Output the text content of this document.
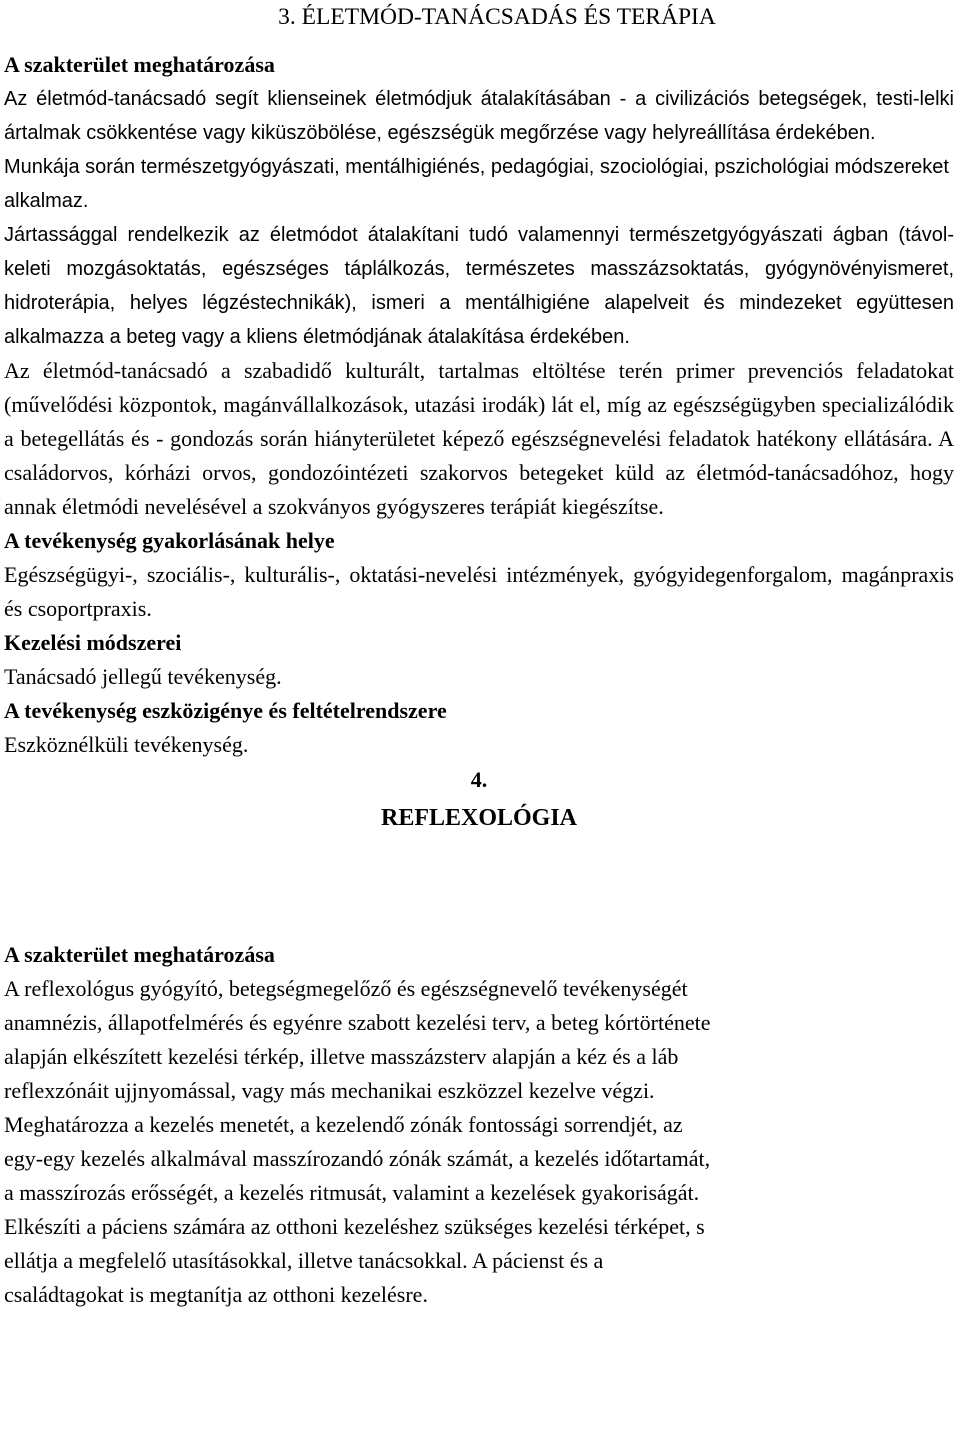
3. ÉLETMÓD-TANÁCSADÁS ÉS TERÁPIA
A szakterület meghatározása

Az életmód-tanácsadó segít klienseinek életmódjuk átalakításában - a civilizációs betegségek, testi-lelki ártalmak csökkentése vagy kiküszöbölése, egészségük megőrzése vagy helyreállítása érdekében.

Munkája során természetgyógyászati, mentálhigiénés, pedagógiai, szociológiai, pszichológiai módszereket alkalmaz.

Jártassággal rendelkezik az életmódot átalakítani tudó valamennyi természetgyógyászati ágban (távol-keleti mozgásoktatás, egészséges táplálkozás, természetes masszázsoktatás, gyógynövényismeret, hidroterápia, helyes légzéstechnikák), ismeri a mentálhigiéne alapelveit és mindezeket együttesen alkalmazza a beteg vagy a kliens életmódjának átalakítása érdekében.

Az életmód-tanácsadó a szabadidő kulturált, tartalmas eltöltése terén primer prevenciós feladatokat (művelődési központok, magánvállalkozások, utazási irodák) lát el, míg az egészségügyben specializálódik a betegellátás és - gondozás során hiányterületet képező egészségnevelési feladatok hatékony ellátására. A családorvos, kórházi orvos, gondozóintézeti szakorvos betegeket küld az életmód-tanácsadóhoz, hogy annak életmódi nevelésével a szokványos gyógyszeres terápiát kiegészítse.

A tevékenység gyakorlásának helye

Egészségügyi-, szociális-, kulturális-, oktatási-nevelési intézmények, gyógyidegenforgalom, magánpraxis és csoportpraxis.

Kezelési módszerei

Tanácsadó jellegű tevékenység.

A tevékenység eszközigénye és feltételrendszere

Eszköznélküli tevékenység.

4.
REFLEXOLÓGIA
A szakterület meghatározása

A reflexológus gyógyító, betegségmegelőző és egészségnevelő tevékenységét

anamnézis, állapotfelmérés és egyénre szabott kezelési terv, a beteg kórtörténete

alapján elkészített kezelési térkép, illetve masszázsterv alapján a kéz és a láb

reflexzónáit ujjnyomással, vagy más mechanikai eszközzel kezelve végzi.

Meghatározza a kezelés menetét, a kezelendő zónák fontossági sorrendjét, az

egy-egy kezelés alkalmával masszírozandó zónák számát, a kezelés időtartamát,

a masszírozás erősségét, a kezelés ritmusát, valamint a kezelések gyakoriságát.

Elkészíti a páciens számára az otthoni kezeléshez szükséges kezelési térképet, s

ellátja a megfelelő utasításokkal, illetve tanácsokkal. A pácienst és a

családtagokat is megtanítja az otthoni kezelésre.
